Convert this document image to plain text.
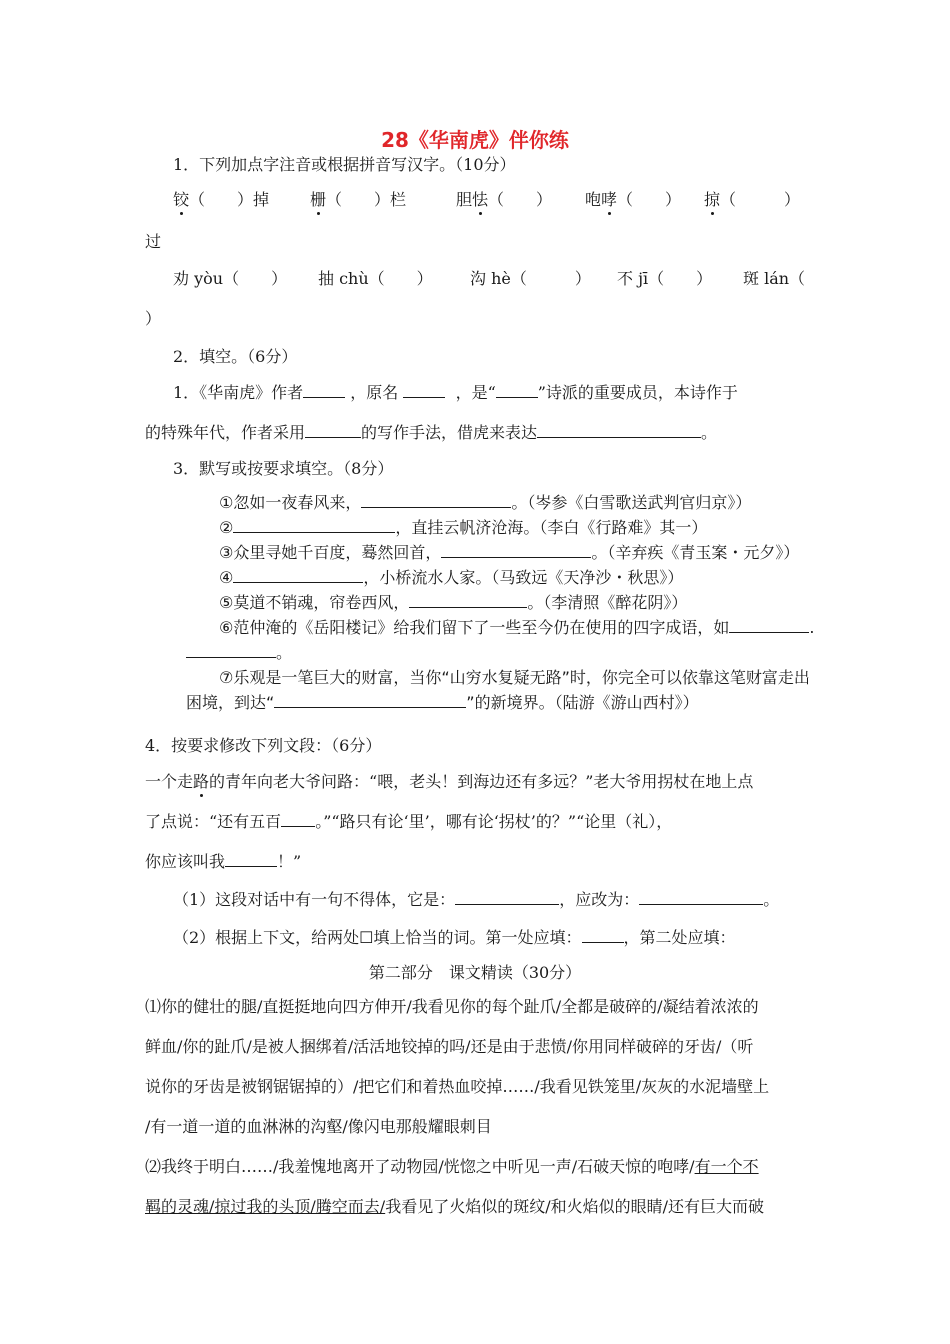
28《华南虎》伴你练
1．下列加点字注音或根据拼音写汉字。（10分）
铰（　　）掉	栅（　　）栏	胆怯（　　） 咆哮（　　） 掠（　　　）
过
劝 yòu（　　） 抽 chù（　　） 沟 hè（　　　） 不 jī（　　） 斑 lán（
）
2．填空。（6分）
1．《华南虎》作者	，原名	，是“	”诗派的重要成员，本诗作于
的特殊年代，作者采用	的写作手法，借虎来表达	。
3．默写或按要求填空。（8分）
①忽如一夜春风来，	。（岑参《白雪歌送武判官归京》）
②	，直挂云帆济沧海。（李白《行路难》其一）
③众里寻她千百度，蓦然回首，	。（辛弃疾《青玉案・元夕》）
④	，小桥流水人家。（马致远《天净沙・秋思》）
⑤莫道不销魂，帘卷西风，	。（李清照《醉花阴》）
⑥范仲淹的《岳阳楼记》给我们留下了一些至今仍在使用的四字成语，如	.
。
⑦乐观是一笔巨大的财富，当你“山穷水复疑无路”时，你完全可以依靠这笔财富走出
困境，到达“	”的新境界。（陆游《游山西村》）
4．按要求修改下列文段：（6分）
一个走路的青年向老大爷问路：“喂，老头！到海边还有多远？”老大爷用拐杖在地上点
了点说：“还有五百 。”“路只有论‘里’，哪有论‘拐杖’的？”“论里（礼），
你应该叫我	！”
（1）这段对话中有一句不得体，它是：	，应改为：	。
（2）根据上下文，给两处☐填上恰当的词。第一处应填：	，第二处应填：
第二部分　课文精读（30分）
⑴你的健壮的腿/直挺挺地向四方伸开/我看见你的每个趾爪/全都是破碎的/凝结着浓浓的
鲜血/你的趾爪/是被人捆绑着/活活地铰掉的吗/还是由于悲愤/你用同样破碎的牙齿/（听
说你的牙齿是被钢锯锯掉的）/把它们和着热血咬掉……/我看见铁笼里/灰灰的水泥墙壁上
/有一道一道的血淋淋的沟壑/像闪电那般耀眼刺目
⑵我终于明白……/我羞愧地离开了动物园/恍惚之中听见一声/石破天惊的咆哮/有一个不
羁的灵魂/掠过我的头顶/腾空而去/我看见了火焰似的斑纹/和火焰似的眼睛/还有巨大而破
